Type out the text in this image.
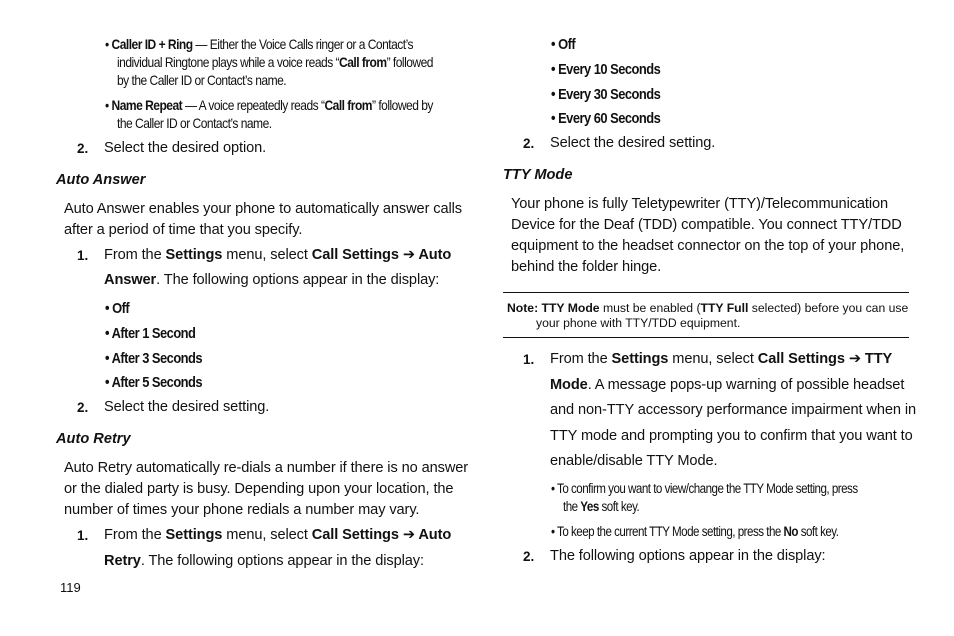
• Caller ID + Ring — Either the Voice Calls ringer or a Contact’s
individual Ringtone plays while a voice reads “Call from” followed
by the Caller ID or Contact’s name.
• Name Repeat — A voice repeatedly reads “Call from” followed by
the Caller ID or Contact’s name.
2. Select the desired option.
Auto Answer
Auto Answer enables your phone to automatically answer calls
after a period of time that you specify.
1. From the Settings menu, select Call Settings ➔ Auto
Answer. The following options appear in the display:
• Off
• After 1 Second
• After 3 Seconds
• After 5 Seconds
2. Select the desired setting.
Auto Retry
Auto Retry automatically re-dials a number if there is no answer
or the dialed party is busy. Depending upon your location, the
number of times your phone redials a number may vary.
1. From the Settings menu, select Call Settings ➔ Auto
Retry. The following options appear in the display:
119
• Off
• Every 10 Seconds
• Every 30 Seconds
• Every 60 Seconds
2. Select the desired setting.
TTY Mode
Your phone is fully Teletypewriter (TTY)/Telecommunication
Device for the Deaf (TDD) compatible. You connect TTY/TDD
equipment to the headset connector on the top of your phone,
behind the folder hinge.
Note: TTY Mode must be enabled (TTY Full selected) before you can use
your phone with TTY/TDD equipment.
1. From the Settings menu, select Call Settings ➔ TTY
Mode. A message pops-up warning of possible headset
and non-TTY accessory performance impairment when in
TTY mode and prompting you to confirm that you want to
enable/disable TTY Mode.
• To confirm you want to view/change the TTY Mode setting, press
the Yes soft key.
• To keep the current TTY Mode setting, press the No soft key.
2. The following options appear in the display:
